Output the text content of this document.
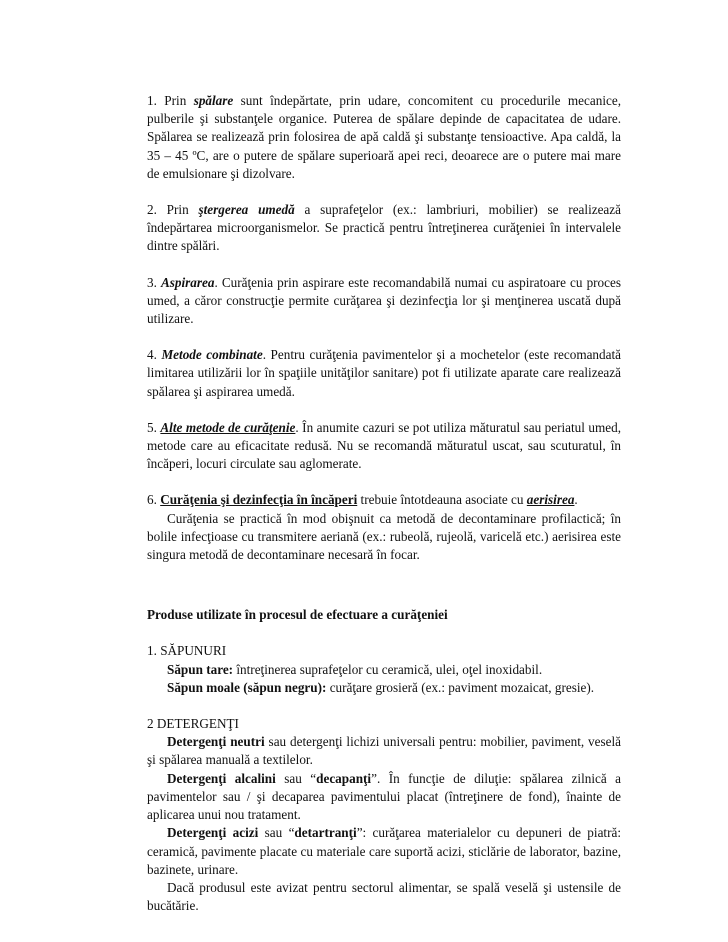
1. Prin spălare sunt îndepărtate, prin udare, concomitent cu procedurile mecanice, pulberile şi substanţele organice. Puterea de spălare depinde de capacitatea de udare. Spălarea se realizează prin folosirea de apă caldă şi substanţe tensioactive. Apa caldă, la 35 – 45 ºC, are o putere de spălare superioară apei reci, deoarece are o putere mai mare de emulsionare şi dizolvare.

2. Prin ştergerea umedă a suprafeţelor (ex.: lambriuri, mobilier) se realizează îndepărtarea microorganismelor. Se practică pentru întreţinerea curăţeniei în intervalele dintre spălări.

3. Aspirarea. Curăţenia prin aspirare este recomandabilă numai cu aspiratoare cu proces umed, a căror construcţie permite curăţarea şi dezinfecţia lor şi menţinerea uscată după utilizare.

4. Metode combinate. Pentru curăţenia pavimentelor şi a mochetelor (este recomandată limitarea utilizării lor în spaţiile unităţilor sanitare) pot fi utilizate aparate care realizează spălarea şi aspirarea umedă.

5. Alte metode de curăţenie. În anumite cazuri se pot utiliza măturatul sau periatul umed, metode care au eficacitate redusă. Nu se recomandă măturatul uscat, sau scuturatul, în încăperi, locuri circulate sau aglomerate.

6. Curăţenia şi dezinfecţia în încăperi trebuie întotdeauna asociate cu aerisirea.

Curăţenia se practică în mod obişnuit ca metodă de decontaminare profilactică; în bolile infecţioase cu transmitere aeriană (ex.: rubeolă, rujeolă, varicelă etc.) aerisirea este singura metodă de decontaminare necesară în focar.

Produse utilizate în procesul de efectuare a curăţeniei

1. SĂPUNURI

Săpun tare: întreţinerea suprafeţelor cu ceramică, ulei, oţel inoxidabil.

Săpun moale (săpun negru): curăţare grosieră (ex.: paviment mozaicat, gresie).

2 DETERGENŢI

Detergenţi neutri sau detergenţi lichizi universali pentru: mobilier, paviment, veselă şi spălarea manuală a textilelor.

Detergenţi alcalini sau “decapanţi”. În funcţie de diluţie: spălarea zilnică a pavimentelor sau / şi decaparea pavimentului placat (întreţinere de fond), înainte de aplicarea unui nou tratament.

Detergenţi acizi sau “detartranţi”: curăţarea materialelor cu depuneri de piatră: ceramică, pavimente placate cu materiale care suportă acizi, sticlărie de laborator, bazine, bazinete, urinare.

Dacă produsul este avizat pentru sectorul alimentar, se spală veselă şi ustensile de bucătărie.
